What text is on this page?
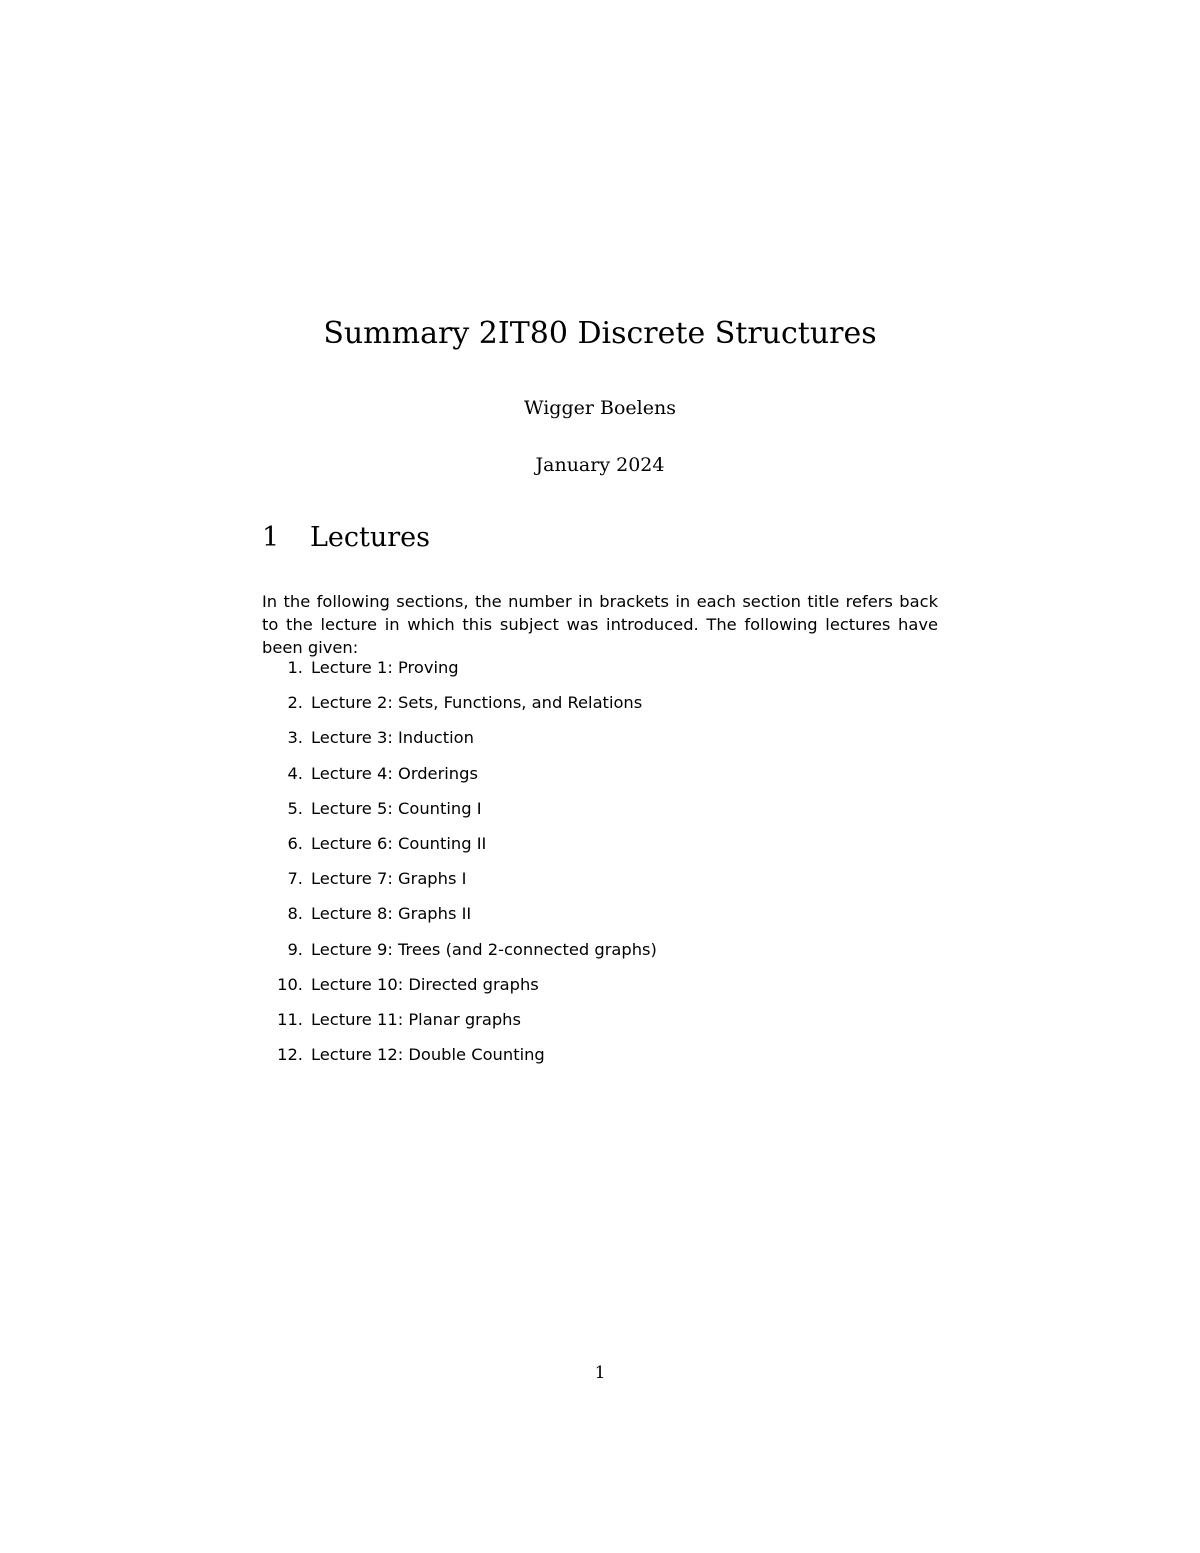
Summary 2IT80 Discrete Structures
Wigger Boelens
January 2024
1 Lectures

In the following sections, the number in brackets in each section title refers back to the lecture in which this subject was introduced. The following lectures have been given:

1. Lecture 1: Proving
2. Lecture 2: Sets, Functions, and Relations
3. Lecture 3: Induction
4. Lecture 4: Orderings
5. Lecture 5: Counting I
6. Lecture 6: Counting II
7. Lecture 7: Graphs I
8. Lecture 8: Graphs II
9. Lecture 9: Trees (and 2-connected graphs)
10. Lecture 10: Directed graphs
11. Lecture 11: Planar graphs
12. Lecture 12: Double Counting
1
